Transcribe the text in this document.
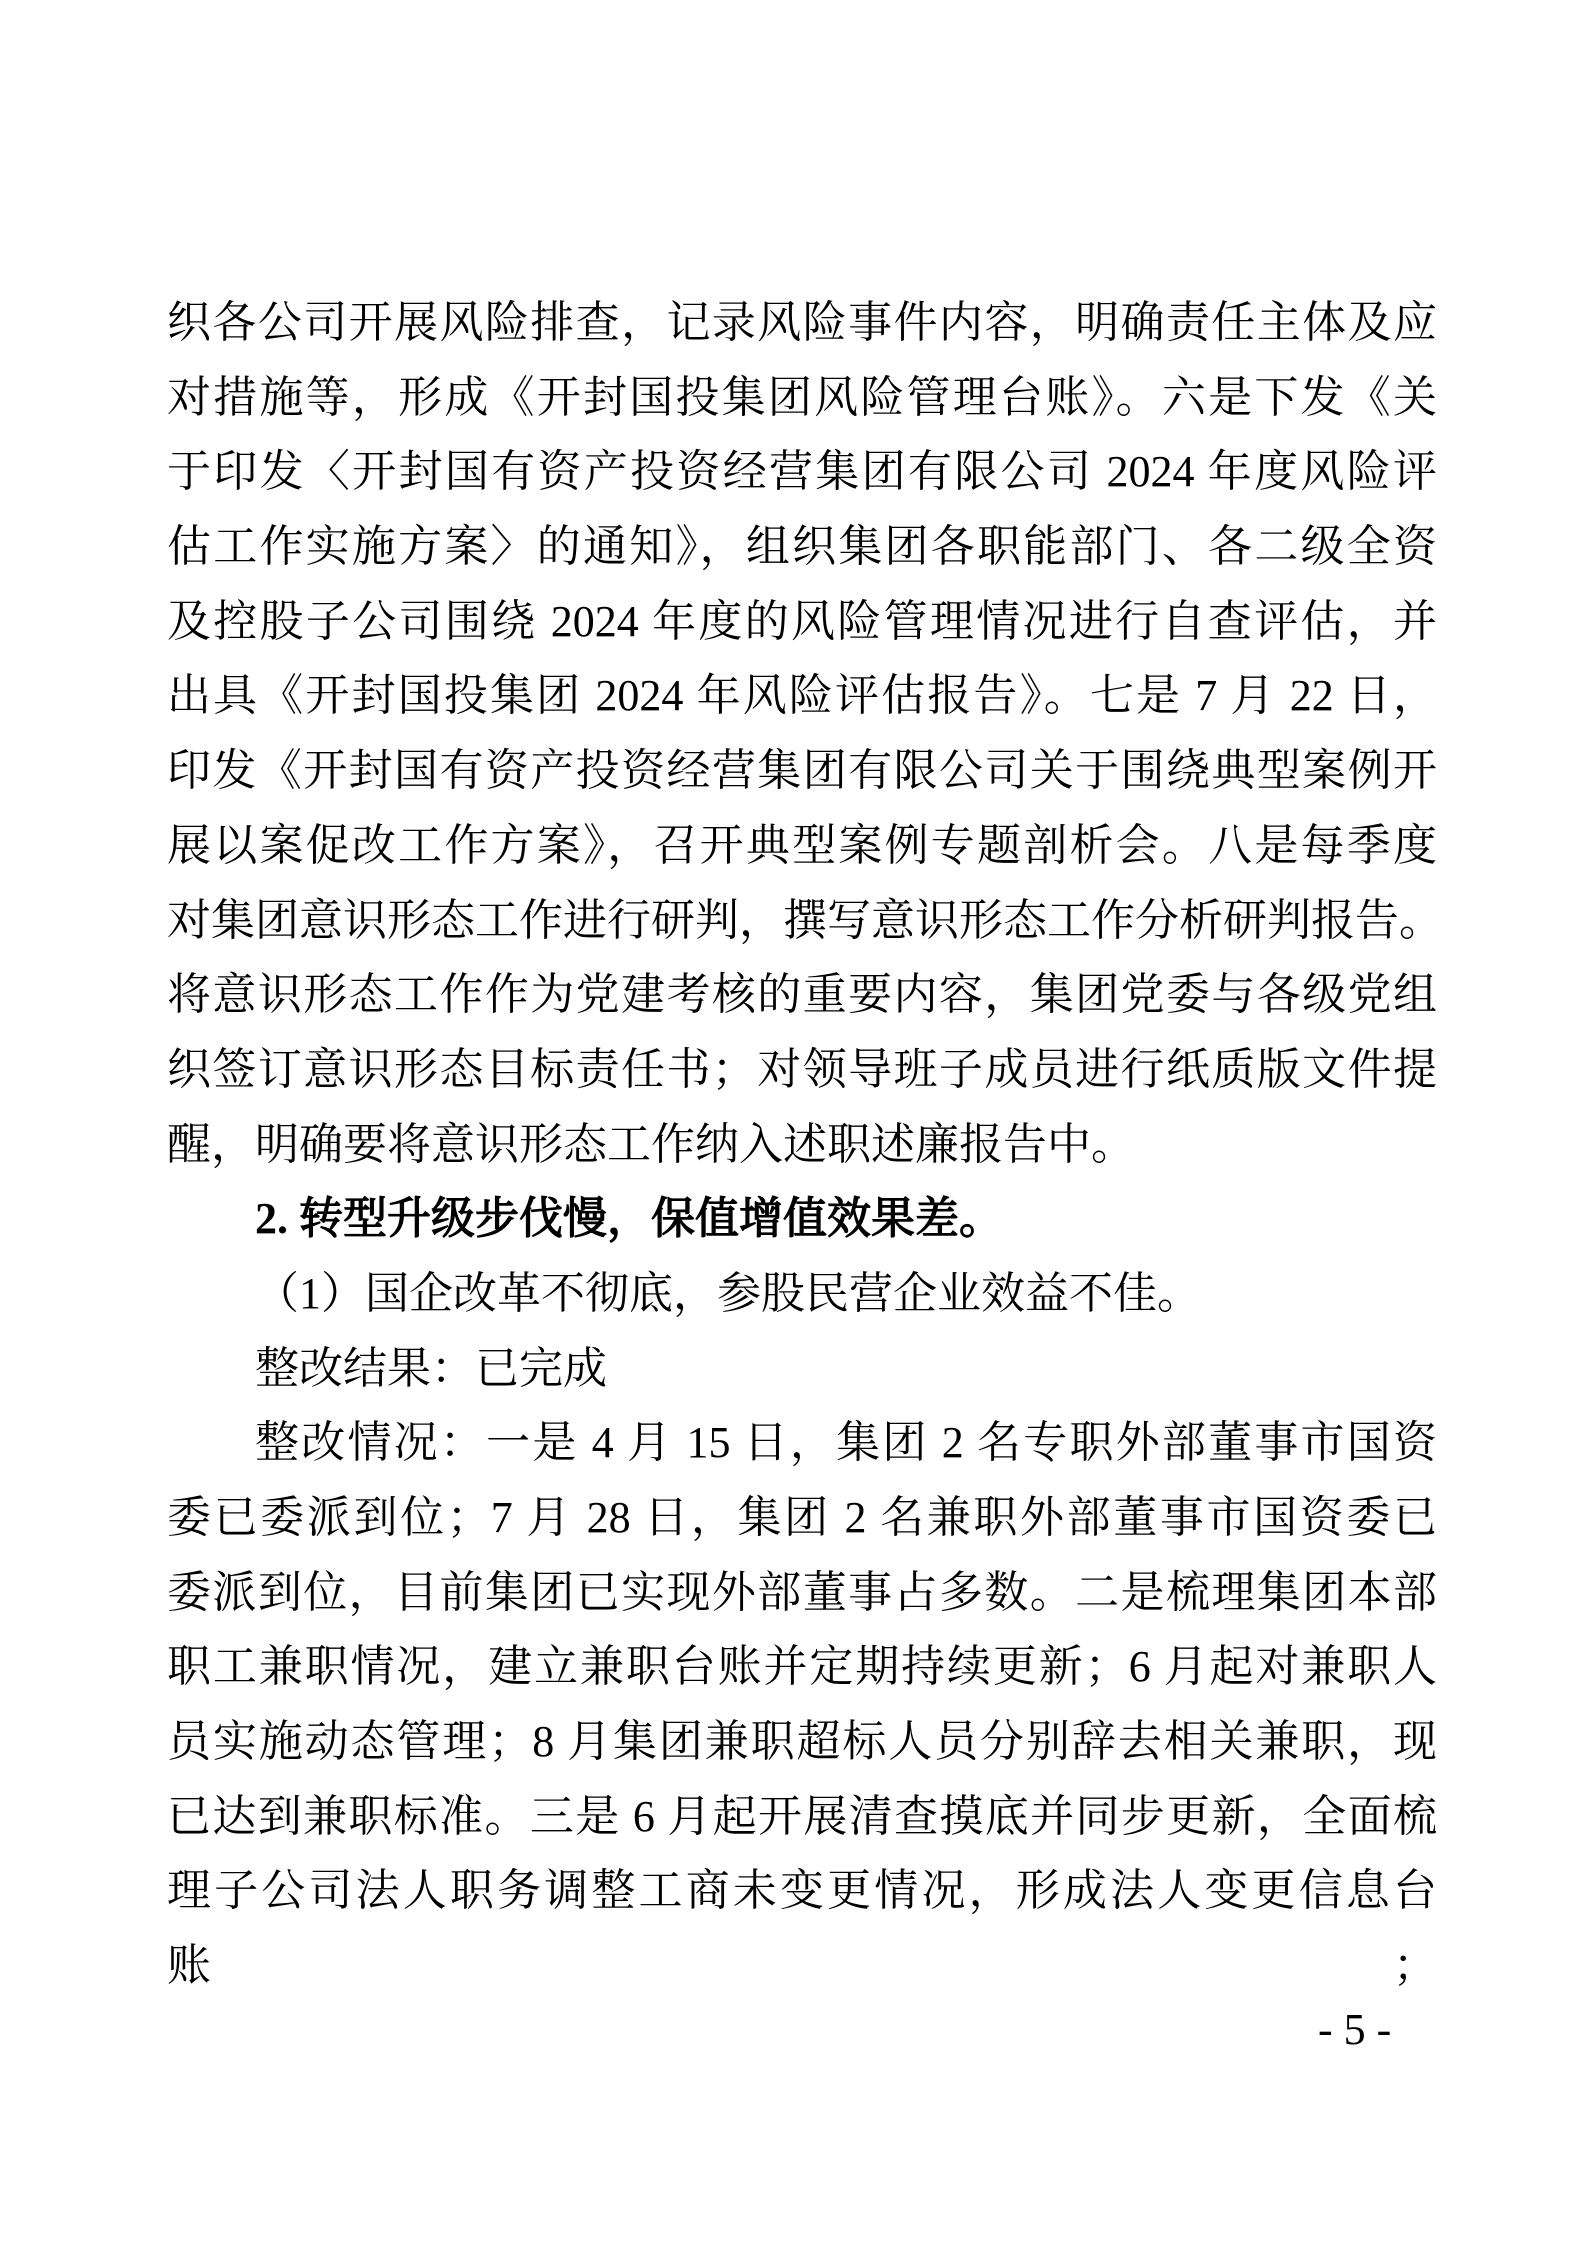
织各公司开展风险排查，记录风险事件内容，明确责任主体及应
对措施等，形成《开封国投集团风险管理台账》。六是下发《关
于印发〈开封国有资产投资经营集团有限公司 2024 年度风险评
估工作实施方案〉的通知》，组织集团各职能部门、各二级全资
及控股子公司围绕 2024 年度的风险管理情况进行自查评估，并
出具《开封国投集团 2024 年风险评估报告》。七是 7 月 22 日，
印发《开封国有资产投资经营集团有限公司关于围绕典型案例开
展以案促改工作方案》，召开典型案例专题剖析会。八是每季度
对集团意识形态工作进行研判，撰写意识形态工作分析研判报告。
将意识形态工作作为党建考核的重要内容，集团党委与各级党组
织签订意识形态目标责任书；对领导班子成员进行纸质版文件提
醒，明确要将意识形态工作纳入述职述廉报告中。
2. 转型升级步伐慢，保值增值效果差。
（1）国企改革不彻底，参股民营企业效益不佳。
整改结果：已完成
整改情况：一是 4 月 15 日，集团 2 名专职外部董事市国资
委已委派到位；7 月 28 日，集团 2 名兼职外部董事市国资委已
委派到位，目前集团已实现外部董事占多数。二是梳理集团本部
职工兼职情况，建立兼职台账并定期持续更新；6 月起对兼职人
员实施动态管理；8 月集团兼职超标人员分别辞去相关兼职，现
已达到兼职标准。三是 6 月起开展清查摸底并同步更新，全面梳
理子公司法人职务调整工商未变更情况，形成法人变更信息台账；
- 5 -
